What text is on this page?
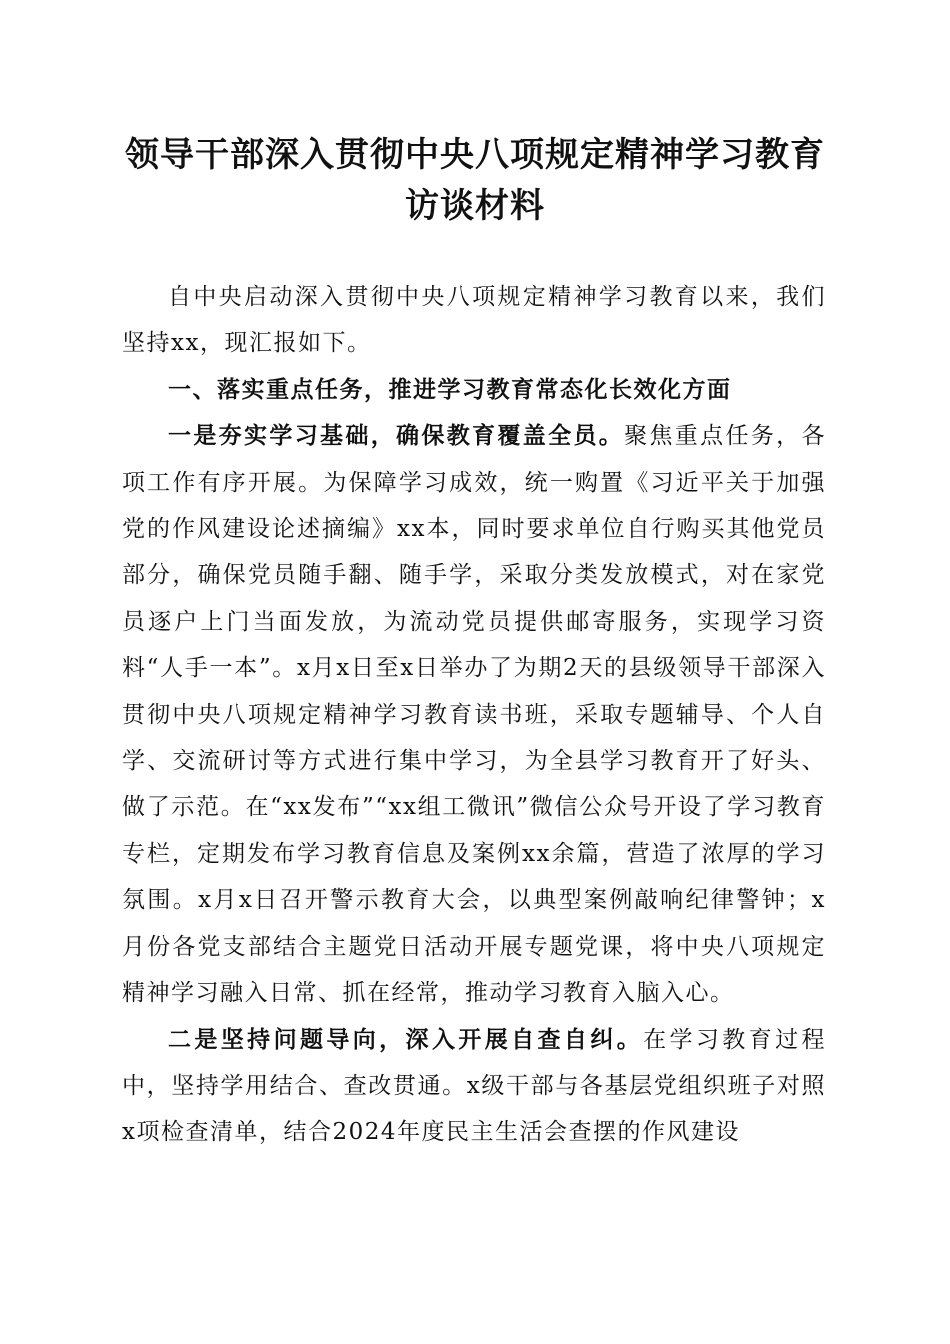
领导干部深入贯彻中央八项规定精神学习教育
访谈材料

自中央启动深入贯彻中央八项规定精神学习教育以来，我们坚持xx，现汇报如下。

一、落实重点任务，推进学习教育常态化长效化方面

一是夯实学习基础，确保教育覆盖全员。聚焦重点任务，各项工作有序开展。为保障学习成效，统一购置《习近平关于加强党的作风建设论述摘编》xx本，同时要求单位自行购买其他党员部分，确保党员随手翻、随手学，采取分类发放模式，对在家党员逐户上门当面发放，为流动党员提供邮寄服务，实现学习资料“人手一本”。x月x日至x日举办了为期2天的县级领导干部深入贯彻中央八项规定精神学习教育读书班，采取专题辅导、个人自学、交流研讨等方式进行集中学习，为全县学习教育开了好头、做了示范。在“xx发布”“xx组工微讯”微信公众号开设了学习教育专栏，定期发布学习教育信息及案例xx余篇，营造了浓厚的学习氛围。x月x日召开警示教育大会，以典型案例敲响纪律警钟；x月份各党支部结合主题党日活动开展专题党课，将中央八项规定精神学习融入日常、抓在经常，推动学习教育入脑入心。

二是坚持问题导向，深入开展自查自纠。在学习教育过程中，坚持学用结合、查改贯通。x级干部与各基层党组织班子对照x项检查清单，结合2024年度民主生活会查摆的作风建设
